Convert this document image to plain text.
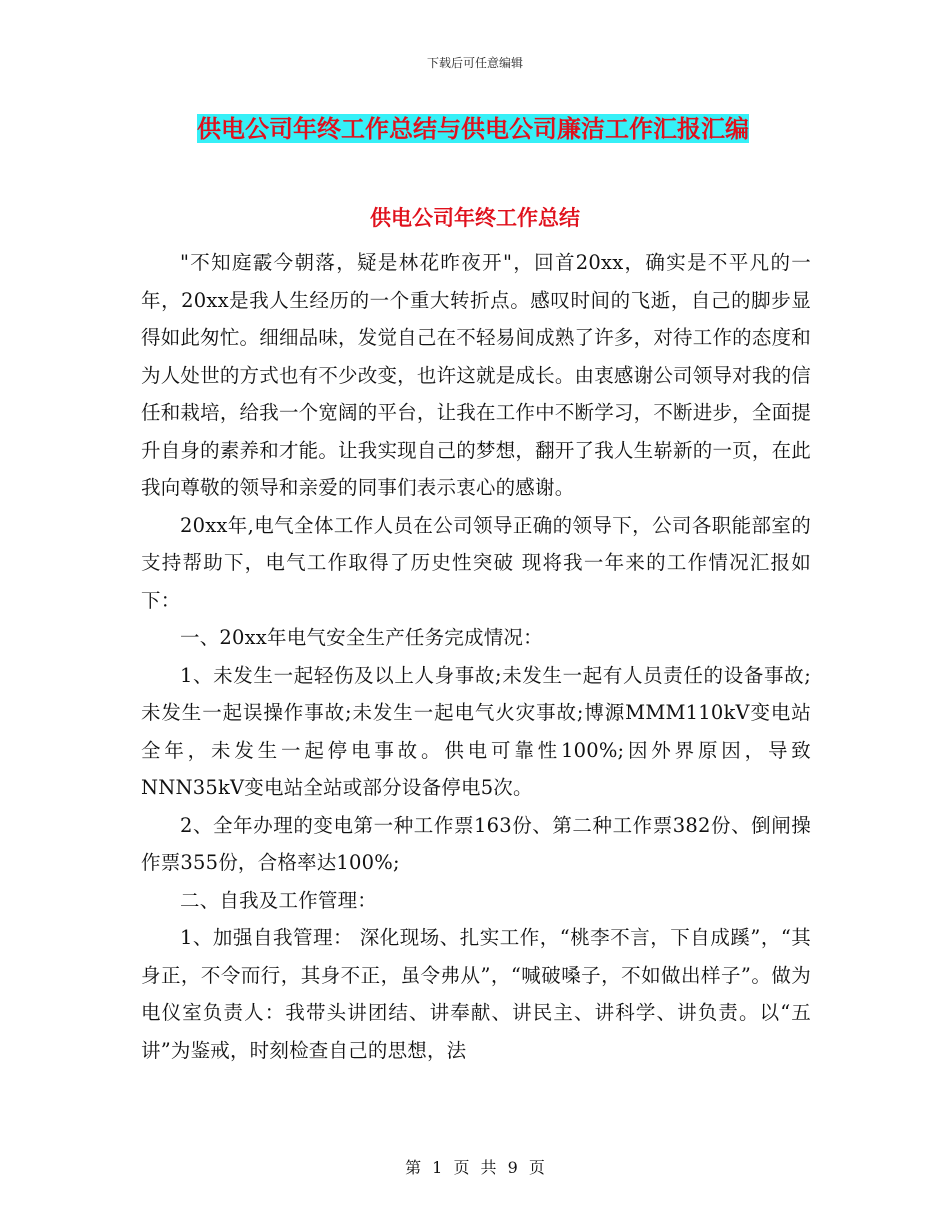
下载后可任意编辑
供电公司年终工作总结与供电公司廉洁工作汇报汇编
供电公司年终工作总结

"不知庭霰今朝落，疑是林花昨夜开"，回首20xx，确实是不平凡的一年，20xx是我人生经历的一个重大转折点。感叹时间的飞逝，自己的脚步显得如此匆忙。细细品味，发觉自己在不轻易间成熟了许多，对待工作的态度和为人处世的方式也有不少改变，也许这就是成长。由衷感谢公司领导对我的信任和栽培，给我一个宽阔的平台，让我在工作中不断学习，不断进步，全面提升自身的素养和才能。让我实现自己的梦想，翻开了我人生崭新的一页，在此我向尊敬的领导和亲爱的同事们表示衷心的感谢。

20xx年,电气全体工作人员在公司领导正确的领导下，公司各职能部室的支持帮助下，电气工作取得了历史性突破 现将我一年来的工作情况汇报如下：

一、20xx年电气安全生产任务完成情况：

1、未发生一起轻伤及以上人身事故;未发生一起有人员责任的设备事故;未发生一起误操作事故;未发生一起电气火灾事故;博源MMM110kV变电站全年，未发生一起停电事故。供电可靠性100%;因外界原因，导致NNN35kV变电站全站或部分设备停电5次。

2、全年办理的变电第一种工作票163份、第二种工作票382份、倒闸操作票355份，合格率达100%;

二、自我及工作管理：

1、加强自我管理： 深化现场、扎实工作，“桃李不言，下自成蹊”，“其身正，不令而行，其身不正，虽令弗从”，“喊破嗓子，不如做出样子”。做为电仪室负责人：我带头讲团结、讲奉献、讲民主、讲科学、讲负责。以“五讲”为鉴戒，时刻检查自己的思想，法

第 1 页 共 9 页
